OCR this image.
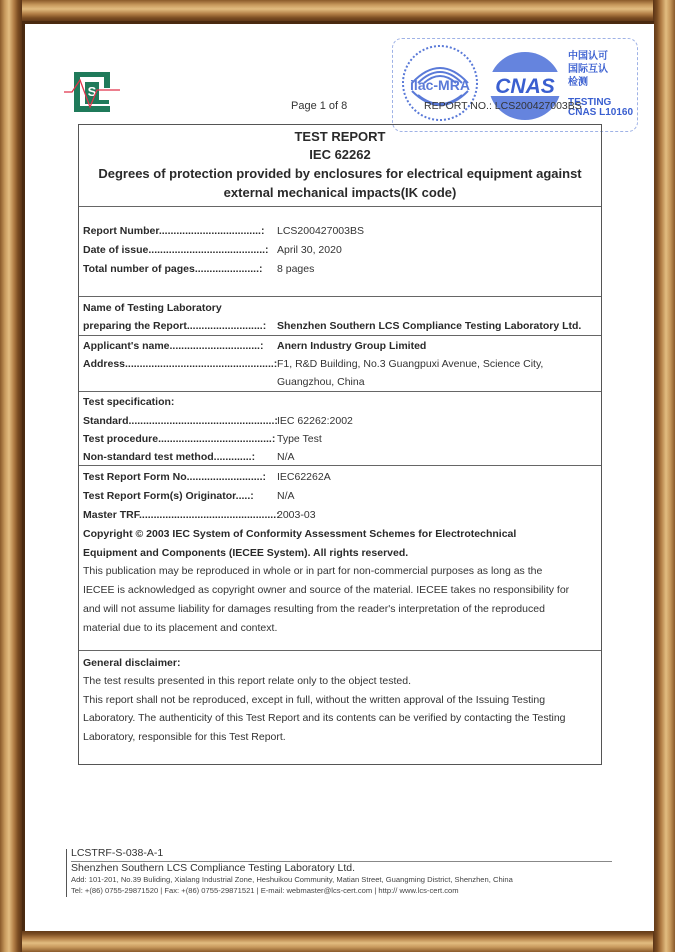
S
Page 1 of 8
ilac-MRA CNAS
中国认可
国际互认
检测
TESTING
CNAS L10160
REPORT NO.: LCS200427003BS
TEST REPORT
IEC 62262
Degrees of protection provided by enclosures for electrical equipment against
external mechanical impacts(IK code)
Report Number...................................: LCS200427003BS
Date of issue........................................: April 30, 2020
Total number of pages......................: 8 pages
Name of Testing Laboratory
preparing the Report..........................: Shenzhen Southern LCS Compliance Testing Laboratory Ltd.
Applicant's name...............................: Anern Industry Group Limited
Address...................................................: F1, R&D Building, No.3 Guangpuxi Avenue, Science City,
Guangzhou, China
Test specification:
Standard..................................................: IEC 62262:2002
Test procedure.......................................: Type Test
Non-standard test method.............: N/A
Test Report Form No..........................: IEC62262A
Test Report Form(s) Originator.....: N/A
Master TRF...............................................:
2003-03
Copyright © 2003 IEC System of Conformity Assessment Schemes for Electrotechnical
Equipment and Components (IECEE System). All rights reserved.
This publication may be reproduced in whole or in part for non-commercial purposes as long as the
IECEE is acknowledged as copyright owner and source of the material. IECEE takes no responsibility for
and will not assume liability for damages resulting from the reader's interpretation of the reproduced
material due to its placement and context.
General disclaimer:
The test results presented in this report relate only to the object tested.
This report shall not be reproduced, except in full, without the written approval of the Issuing Testing
Laboratory. The authenticity of this Test Report and its contents can be verified by contacting the Testing
Laboratory, responsible for this Test Report.
LCSTRF-S-038-A-1
Shenzhen Southern LCS Compliance Testing Laboratory Ltd.
Add: 101-201, No.39 Buliding, Xialang Industrial Zone, Heshuikou Community, Matian Street, Guangming District, Shenzhen, China
Tel: +(86) 0755-29871520 | Fax: +(86) 0755-29871521 | E-mail: webmaster@lcs-cert.com | http:// www.lcs-cert.com
